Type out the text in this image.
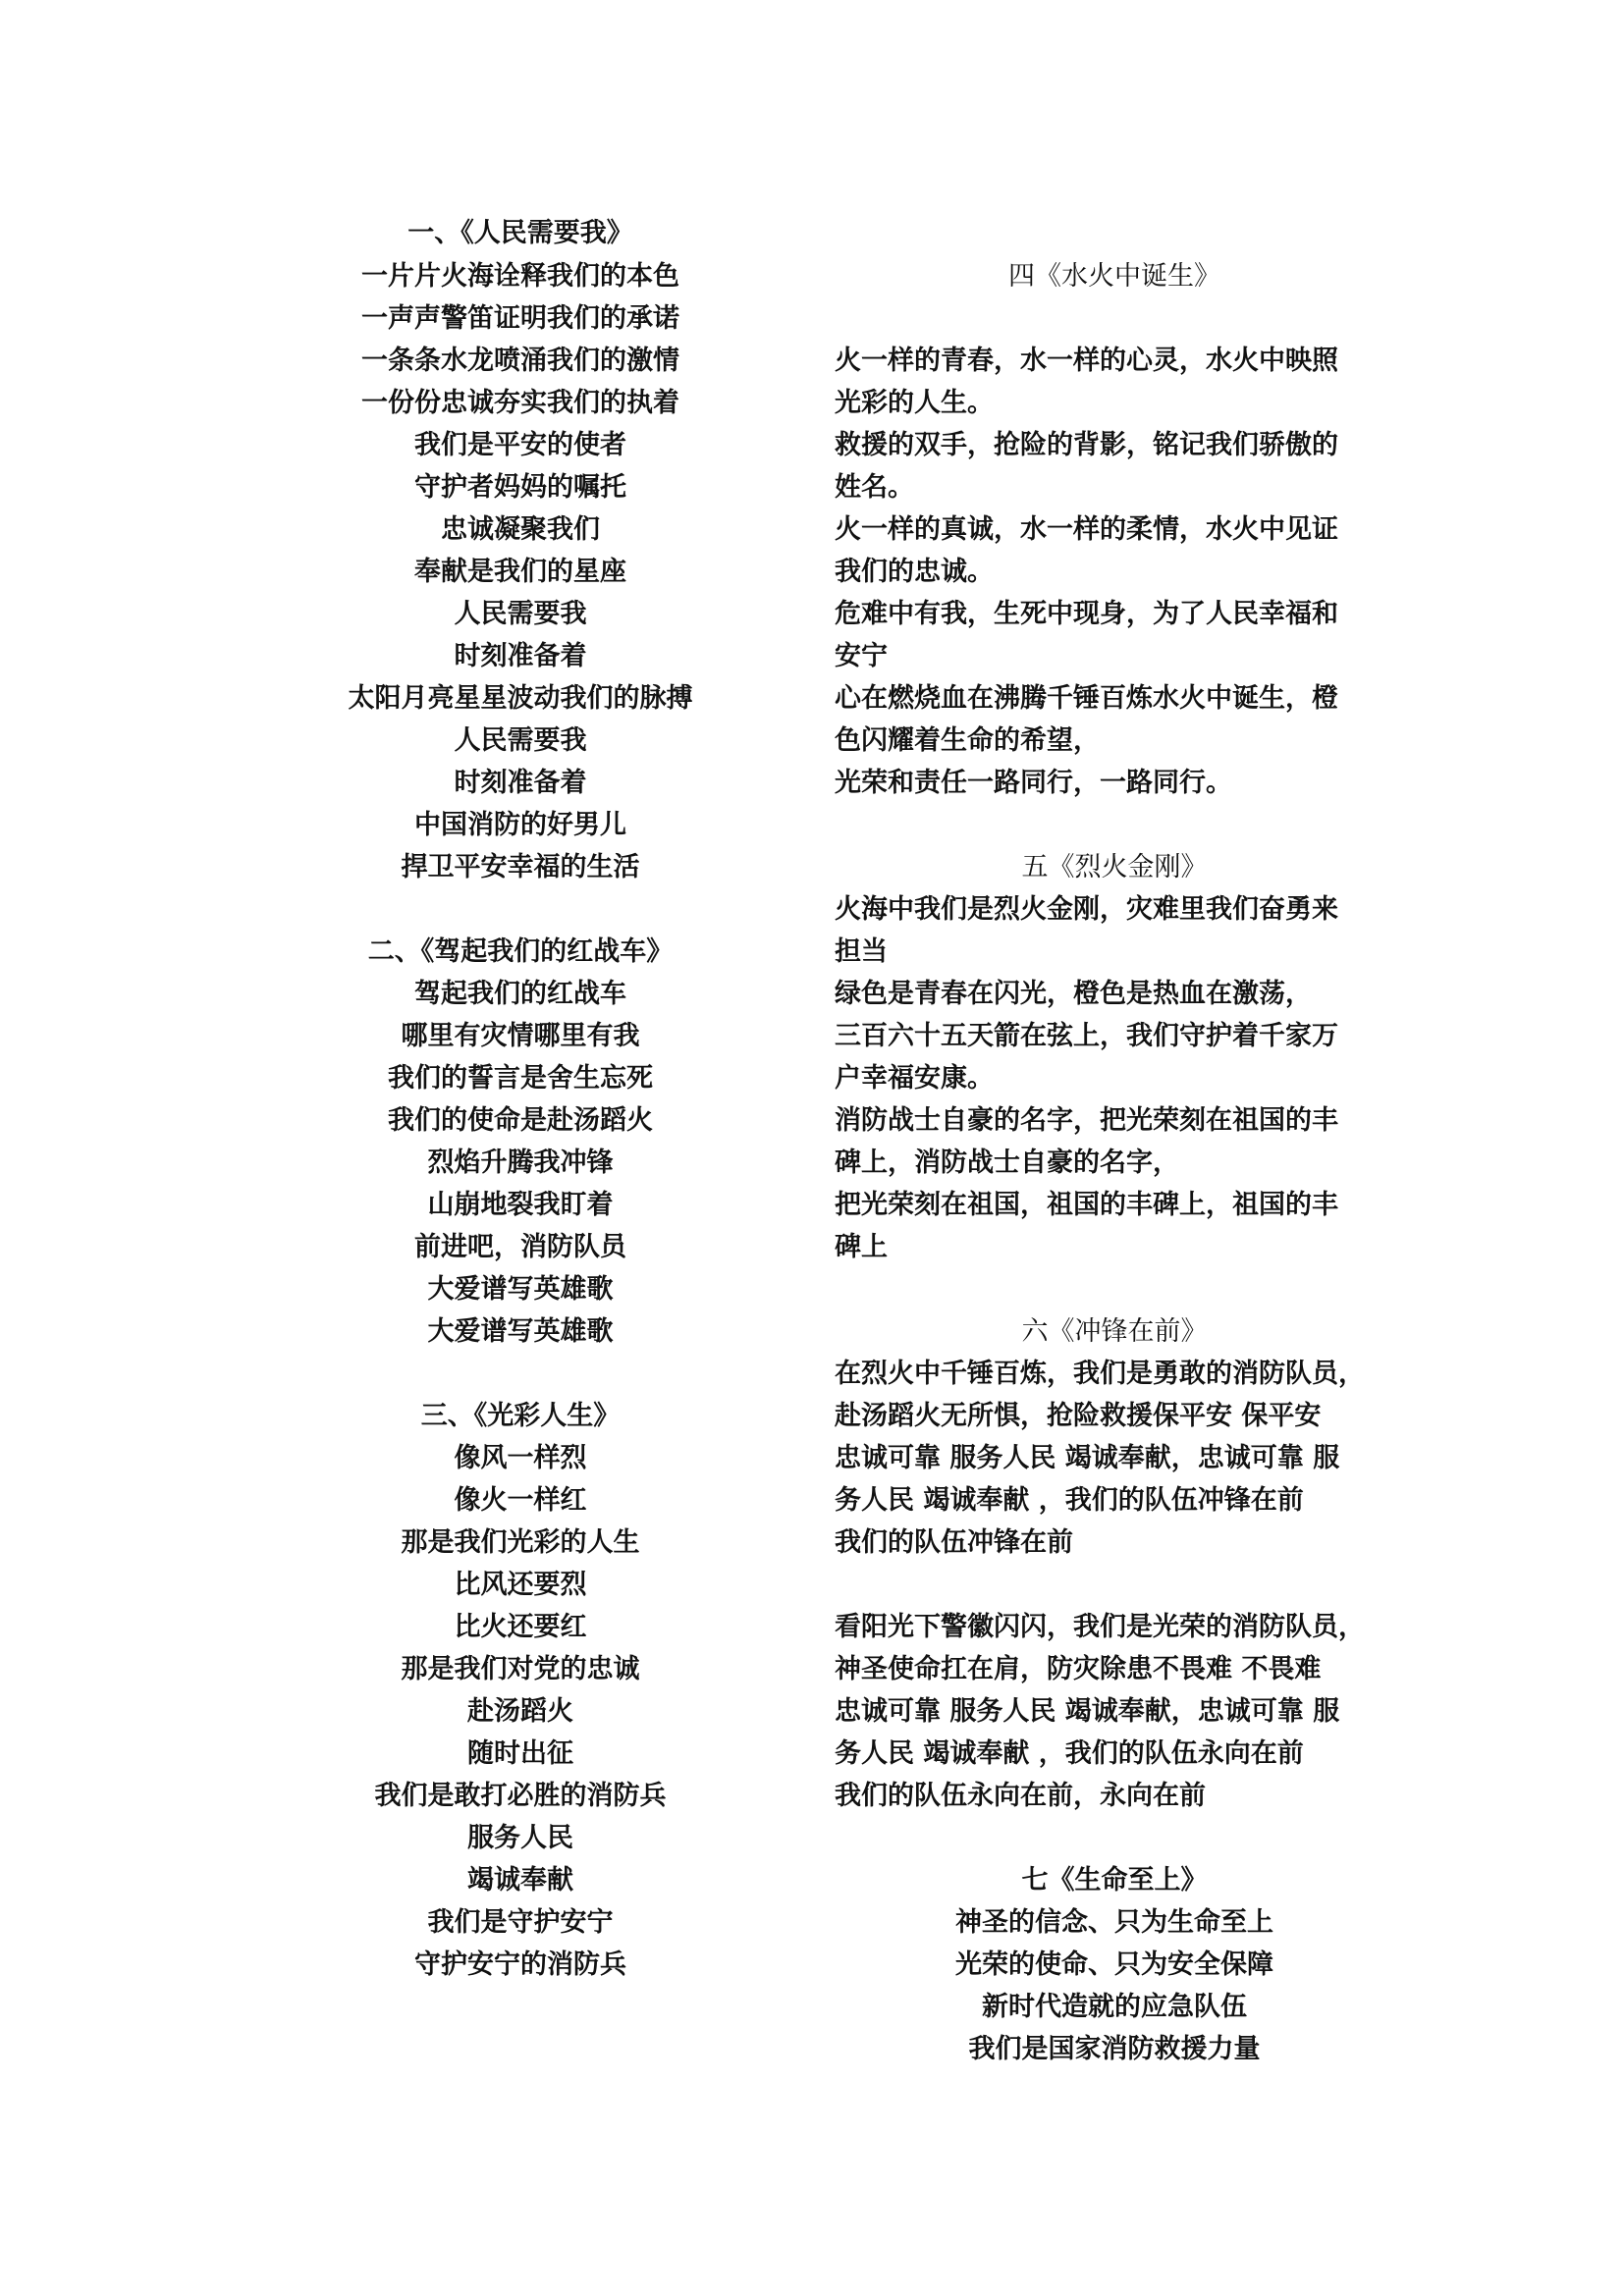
一、《人民需要我》
一片片火海诠释我们的本色
一声声警笛证明我们的承诺
一条条水龙喷涌我们的激情
一份份忠诚夯实我们的执着
我们是平安的使者
守护者妈妈的嘱托
忠诚凝聚我们
奉献是我们的星座
人民需要我
时刻准备着
太阳月亮星星波动我们的脉搏
人民需要我
时刻准备着
中国消防的好男儿
捍卫平安幸福的生活
二、《驾起我们的红战车》
驾起我们的红战车
哪里有灾情哪里有我
我们的誓言是舍生忘死
我们的使命是赴汤蹈火
烈焰升腾我冲锋
山崩地裂我盯着
前进吧，消防队员
大爱谱写英雄歌
大爱谱写英雄歌
三、《光彩人生》
像风一样烈
像火一样红
那是我们光彩的人生
比风还要烈
比火还要红
那是我们对党的忠诚
赴汤蹈火
随时出征
我们是敢打必胜的消防兵
服务人民
竭诚奉献
我们是守护安宁
守护安宁的消防兵
四《水火中诞生》
火一样的青春，水一样的心灵，水火中映照
光彩的人生。
救援的双手，抢险的背影，铭记我们骄傲的
姓名。
火一样的真诚，水一样的柔情，水火中见证
我们的忠诚。
危难中有我，生死中现身，为了人民幸福和
安宁
心在燃烧血在沸腾千锤百炼水火中诞生，橙
色闪耀着生命的希望，
光荣和责任一路同行，一路同行。
五《烈火金刚》
火海中我们是烈火金刚，灾难里我们奋勇来
担当
绿色是青春在闪光，橙色是热血在激荡，
三百六十五天箭在弦上，我们守护着千家万
户幸福安康。
消防战士自豪的名字，把光荣刻在祖国的丰
碑上，消防战士自豪的名字，
把光荣刻在祖国，祖国的丰碑上，祖国的丰
碑上
六《冲锋在前》
在烈火中千锤百炼，我们是勇敢的消防队员，
赴汤蹈火无所惧，抢险救援保平安 保平安
忠诚可靠 服务人民 竭诚奉献，忠诚可靠 服
务人民 竭诚奉献 ，我们的队伍冲锋在前
我们的队伍冲锋在前
看阳光下警徽闪闪，我们是光荣的消防队员，
神圣使命扛在肩，防灾除患不畏难 不畏难
忠诚可靠 服务人民 竭诚奉献，忠诚可靠 服
务人民 竭诚奉献 ，我们的队伍永向在前
我们的队伍永向在前，永向在前
七《生命至上》
神圣的信念、只为生命至上
光荣的使命、只为安全保障
新时代造就的应急队伍
我们是国家消防救援力量
